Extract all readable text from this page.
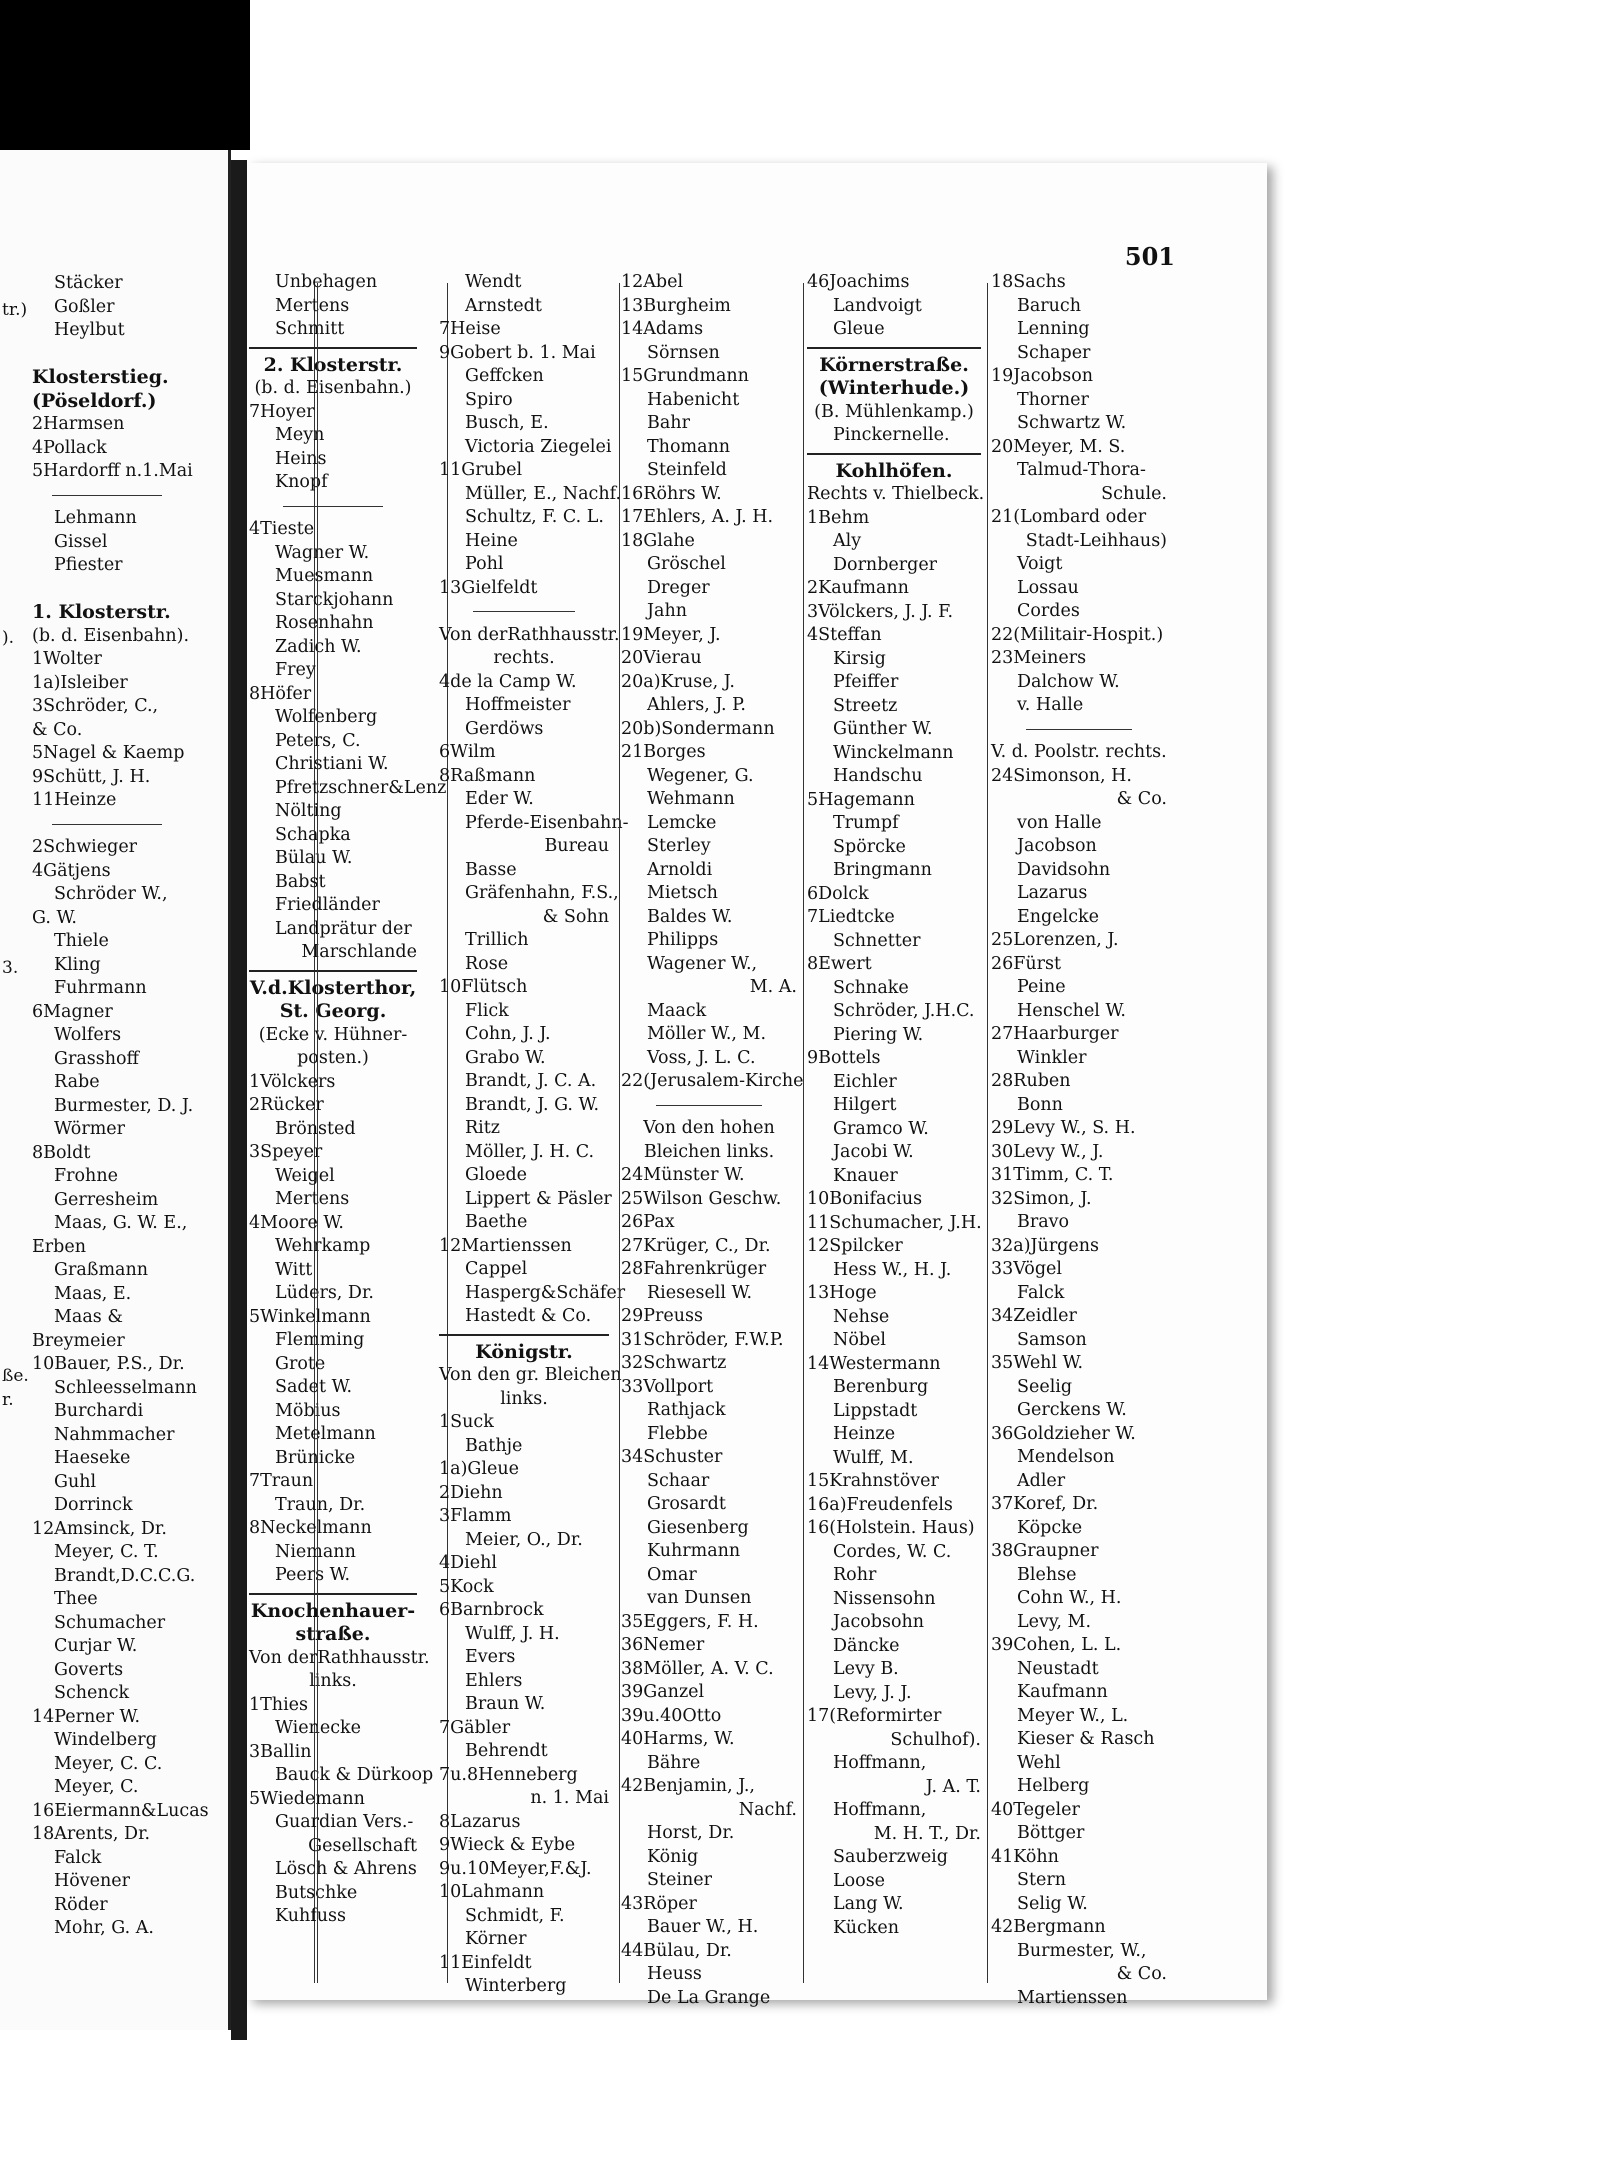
Stäcker
Goßler
Heylbut
Klosterstieg.
(Pöseldorf.)
2Harmsen
4Pollack
5Hardorff n.1.Mai
Lehmann
Gissel
Pfiester
1. Klosterstr.
(b. d. Eisenbahn).
1Wolter
1a)Isleiber
3Schröder, C.,
& Co.
5Nagel & Kaemp
9Schütt, J. H.
11Heinze
2Schwieger
4Gätjens
Schröder W.,
G. W.
Thiele
Kling
Fuhrmann
6Magner
Wolfers
Grasshoff
Rabe
Burmester, D. J.
Wörmer
8Boldt
Frohne
Gerresheim
Maas, G. W. E.,
Erben
Graßmann
Maas, E.
Maas &
Breymeier
10Bauer, P.S., Dr.
Schleesselmann
Burchardi
Nahmmacher
Haeseke
Guhl
Dorrinck
12Amsinck, Dr.
Meyer, C. T.
Brandt,D.C.C.G.
Thee
Schumacher
Curjar W.
Goverts
Schenck
14Perner W.
Windelberg
Meyer, C. C.
Meyer, C.
16Eiermann&Lucas
18Arents, Dr.
Falck
Hövener
Röder
Mohr, G. A.
tr.)
).
3.
ße.
r.
501
Unbehagen
Mertens
Schmitt
2. Klosterstr.
(b. d. Eisenbahn.)
7Hoyer
Meyn
Heins
Knopf
4Tieste
Wagner W.
Muesmann
Starckjohann
Rosenhahn
Zadich W.
Frey
8Höfer
Wolfenberg
Peters, C.
Christiani W.
Pfretzschner&Lenz
Nölting
Schapka
Bülau W.
Babst
Friedländer
Landprätur der
Marschlande
V.d.Klosterthor,
St. Georg.
(Ecke v. Hühner-
posten.)
1Völckers
2Rücker
Brönsted
3Speyer
Weigel
Mertens
4Moore W.
Wehrkamp
Witt
Lüders, Dr.
5Winkelmann
Flemming
Grote
Sadet W.
Möbius
Metelmann
Brünicke
7Traun
Traun, Dr.
8Neckelmann
Niemann
Peers W.
Knochenhauer-
straße.
Von derRathhausstr.
links.
1Thies
Wienecke
3Ballin
Bauck & Dürkoop
5Wiedemann
Guardian Vers.-
Gesellschaft
Lösch & Ahrens
Butschke
Kuhfuss
Wendt
Arnstedt
7Heise
9Gobert b. 1. Mai
Geffcken
Spiro
Busch, E.
Victoria Ziegelei
11Grubel
Müller, E., Nachf.
Schultz, F. C. L.
Heine
Pohl
13Gielfeldt
Von derRathhausstr.
rechts.
4de la Camp W.
Hoffmeister
Gerdöws
6Wilm
8Raßmann
Eder W.
Pferde-Eisenbahn-
Bureau
Basse
Gräfenhahn, F.S.,
& Sohn
Trillich
Rose
10Flütsch
Flick
Cohn, J. J.
Grabo W.
Brandt, J. C. A.
Brandt, J. G. W.
Ritz
Möller, J. H. C.
Gloede
Lippert & Päsler
Baethe
12Martienssen
Cappel
Hasperg&Schäfer
Hastedt & Co.
Königstr.
Von den gr. Bleichen
links.
1Suck
Bathje
1a)Gleue
2Diehn
3Flamm
Meier, O., Dr.
4Diehl
5Kock
6Barnbrock
Wulff, J. H.
Evers
Ehlers
Braun W.
7Gäbler
Behrendt
7u.8Henneberg
n. 1. Mai
8Lazarus
9Wieck & Eybe
9u.10Meyer,F.&J.
10Lahmann
Schmidt, F.
Körner
11Einfeldt
Winterberg
12Abel
13Burgheim
14Adams
Sörnsen
15Grundmann
Habenicht
Bahr
Thomann
Steinfeld
16Röhrs W.
17Ehlers, A. J. H.
18Glahe
Gröschel
Dreger
Jahn
19Meyer, J.
20Vierau
20a)Kruse, J.
Ahlers, J. P.
20b)Sondermann
21Borges
Wegener, G.
Wehmann
Lemcke
Sterley
Arnoldi
Mietsch
Baldes W.
Philipps
Wagener W.,
M. A.
Maack
Möller W., M.
Voss, J. L. C.
22(Jerusalem-Kirche
Von den hohen
Bleichen links.
24Münster W.
25Wilson Geschw.
26Pax
27Krüger, C., Dr.
28Fahrenkrüger
Riesesell W.
29Preuss
31Schröder, F.W.P.
32Schwartz
33Vollport
Rathjack
Flebbe
34Schuster
Schaar
Grosardt
Giesenberg
Kuhrmann
Omar
van Dunsen
35Eggers, F. H.
36Nemer
38Möller, A. V. C.
39Ganzel
39u.40Otto
40Harms, W.
Bähre
42Benjamin, J.,
Nachf.
Horst, Dr.
König
Steiner
43Röper
Bauer W., H.
44Bülau, Dr.
Heuss
De La Grange
46Joachims
Landvoigt
Gleue
Körnerstraße.
(Winterhude.)
(B. Mühlenkamp.)
Pinckernelle.
Kohlhöfen.
Rechts v. Thielbeck.
1Behm
Aly
Dornberger
2Kaufmann
3Völckers, J. J. F.
4Steffan
Kirsig
Pfeiffer
Streetz
Günther W.
Winckelmann
Handschu
5Hagemann
Trumpf
Spörcke
Bringmann
6Dolck
7Liedtcke
Schnetter
8Ewert
Schnake
Schröder, J.H.C.
Piering W.
9Bottels
Eichler
Hilgert
Gramco W.
Jacobi W.
Knauer
10Bonifacius
11Schumacher, J.H.
12Spilcker
Hess W., H. J.
13Hoge
Nehse
Nöbel
14Westermann
Berenburg
Lippstadt
Heinze
Wulff, M.
15Krahnstöver
16a)Freudenfels
16(Holstein. Haus)
Cordes, W. C.
Rohr
Nissensohn
Jacobsohn
Däncke
Levy B.
Levy, J. J.
17(Reformirter
Schulhof).
Hoffmann,
J. A. T.
Hoffmann,
M. H. T., Dr.
Sauberzweig
Loose
Lang W.
Kücken
18Sachs
Baruch
Lenning
Schaper
19Jacobson
Thorner
Schwartz W.
20Meyer, M. S.
Talmud-Thora-
Schule.
21(Lombard oder
Stadt-Leihhaus)
Voigt
Lossau
Cordes
22(Militair-Hospit.)
23Meiners
Dalchow W.
v. Halle
V. d. Poolstr. rechts.
24Simonson, H.
& Co.
von Halle
Jacobson
Davidsohn
Lazarus
Engelcke
25Lorenzen, J.
26Fürst
Peine
Henschel W.
27Haarburger
Winkler
28Ruben
Bonn
29Levy W., S. H.
30Levy W., J.
31Timm, C. T.
32Simon, J.
Bravo
32a)Jürgens
33Vögel
Falck
34Zeidler
Samson
35Wehl W.
Seelig
Gerckens W.
36Goldzieher W.
Mendelson
Adler
37Koref, Dr.
Köpcke
38Graupner
Blehse
Cohn W., H.
Levy, M.
39Cohen, L. L.
Neustadt
Kaufmann
Meyer W., L.
Kieser & Rasch
Wehl
Helberg
40Tegeler
Böttger
41Köhn
Stern
Selig W.
42Bergmann
Burmester, W.,
& Co.
Martienssen
